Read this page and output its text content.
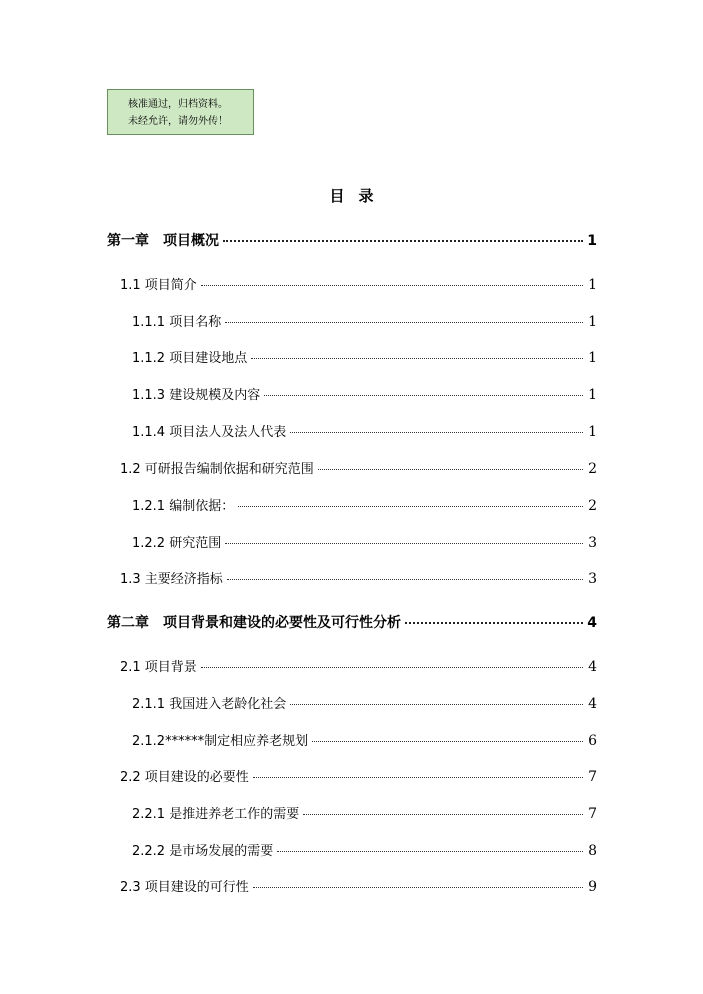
核准通过，归档资料。
未经允许，请勿外传！
目录
第一章　项目概况	1
1.1 项目简介	1
1.1.1 项目名称	1
1.1.2 项目建设地点	1
1.1.3 建设规模及内容	1
1.1.4 项目法人及法人代表	1
1.2 可研报告编制依据和研究范围	2
1.2.1 编制依据：	2
1.2.2 研究范围	3
1.3 主要经济指标	3
第二章　项目背景和建设的必要性及可行性分析	4
2.1 项目背景	4
2.1.1 我国进入老龄化社会	4
2.1.2******制定相应养老规划	6
2.2 项目建设的必要性	7
2.2.1 是推进养老工作的需要	7
2.2.2 是市场发展的需要	8
2.3 项目建设的可行性	9
